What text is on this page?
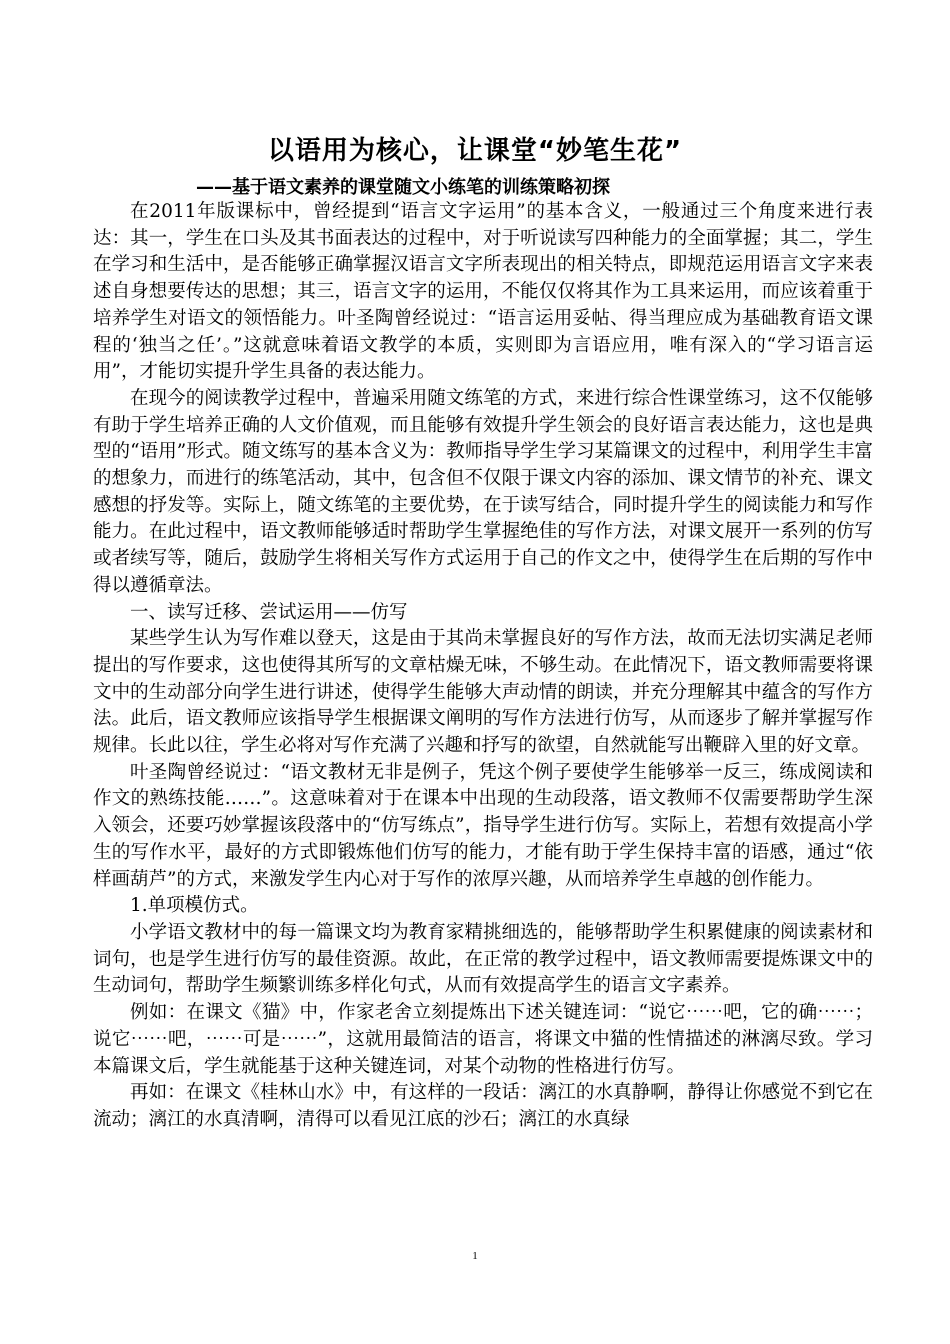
以语用为核心，让课堂“妙笔生花”
——基于语文素养的课堂随文小练笔的训练策略初探

在2011年版课标中，曾经提到“语言文字运用”的基本含义，一般通过三个角度来进行表达：其一，学生在口头及其书面表达的过程中，对于听说读写四种能力的全面掌握；其二，学生在学习和生活中，是否能够正确掌握汉语言文字所表现出的相关特点，即规范运用语言文字来表述自身想要传达的思想；其三，语言文字的运用，不能仅仅将其作为工具来运用，而应该着重于培养学生对语文的领悟能力。叶圣陶曾经说过：“语言运用妥帖、得当理应成为基础教育语文课程的‘独当之任’。”这就意味着语文教学的本质，实则即为言语应用，唯有深入的“学习语言运用”，才能切实提升学生具备的表达能力。

在现今的阅读教学过程中，普遍采用随文练笔的方式，来进行综合性课堂练习，这不仅能够有助于学生培养正确的人文价值观，而且能够有效提升学生领会的良好语言表达能力，这也是典型的“语用”形式。随文练写的基本含义为：教师指导学生学习某篇课文的过程中，利用学生丰富的想象力，而进行的练笔活动，其中，包含但不仅限于课文内容的添加、课文情节的补充、课文感想的抒发等。实际上，随文练笔的主要优势，在于读写结合，同时提升学生的阅读能力和写作能力。在此过程中，语文教师能够适时帮助学生掌握绝佳的写作方法，对课文展开一系列的仿写或者续写等，随后，鼓励学生将相关写作方式运用于自己的作文之中，使得学生在后期的写作中得以遵循章法。

一、读写迁移、尝试运用——仿写

某些学生认为写作难以登天，这是由于其尚未掌握良好的写作方法，故而无法切实满足老师提出的写作要求，这也使得其所写的文章枯燥无味，不够生动。在此情况下，语文教师需要将课文中的生动部分向学生进行讲述，使得学生能够大声动情的朗读，并充分理解其中蕴含的写作方法。此后，语文教师应该指导学生根据课文阐明的写作方法进行仿写，从而逐步了解并掌握写作规律。长此以往，学生必将对写作充满了兴趣和抒写的欲望，自然就能写出鞭辟入里的好文章。

叶圣陶曾经说过：“语文教材无非是例子，凭这个例子要使学生能够举一反三，练成阅读和作文的熟练技能……”。这意味着对于在课本中出现的生动段落，语文教师不仅需要帮助学生深入领会，还要巧妙掌握该段落中的“仿写练点”，指导学生进行仿写。实际上，若想有效提高小学生的写作水平，最好的方式即锻炼他们仿写的能力，才能有助于学生保持丰富的语感，通过“依样画葫芦”的方式，来激发学生内心对于写作的浓厚兴趣，从而培养学生卓越的创作能力。

1.单项模仿式。

小学语文教材中的每一篇课文均为教育家精挑细选的，能够帮助学生积累健康的阅读素材和词句，也是学生进行仿写的最佳资源。故此，在正常的教学过程中，语文教师需要提炼课文中的生动词句，帮助学生频繁训练多样化句式，从而有效提高学生的语言文字素养。

例如：在课文《猫》中，作家老舍立刻提炼出下述关键连词：“说它⋯⋯吧，它的确⋯⋯；说它⋯⋯吧，⋯⋯可是⋯⋯”，这就用最简洁的语言，将课文中猫的性情描述的淋漓尽致。学习本篇课文后，学生就能基于这种关键连词，对某个动物的性格进行仿写。

再如：在课文《桂林山水》中，有这样的一段话：漓江的水真静啊，静得让你感觉不到它在流动；漓江的水真清啊，清得可以看见江底的沙石；漓江的水真绿

1
